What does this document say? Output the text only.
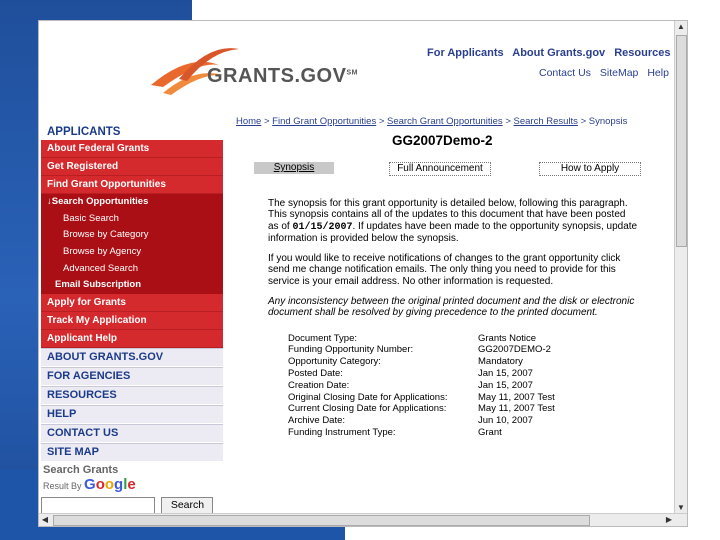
GRANTS.GOV℠
For Applicants About Grants.gov Resources
Contact Us SiteMap Help
APPLICANTS
About Federal Grants
Get Registered
Find Grant Opportunities
↓Search Opportunities
Basic Search
Browse by Category
Browse by Agency
Advanced Search
Email Subscription
Apply for Grants
Track My Application
Applicant Help
ABOUT GRANTS.GOV
FOR AGENCIES
RESOURCES
HELP
CONTACT US
SITE MAP
Search Grants
Result By Google
Search
Home > Find Grant Opportunities > Search Grant Opportunities > Search Results > Synopsis
GG2007Demo-2
Synopsis	Full Announcement	How to Apply

The synopsis for this grant opportunity is detailed below, following this paragraph. This synopsis contains all of the updates to this document that have been posted as of 01/15/2007. If updates have been made to the opportunity synopsis, update information is provided below the synopsis.

If you would like to receive notifications of changes to the grant opportunity click send me change notification emails. The only thing you need to provide for this service is your email address. No other information is requested.

Any inconsistency between the original printed document and the disk or electronic document shall be resolved by giving precedence to the printed document.

Document Type:	Grants Notice
Funding Opportunity Number:	GG2007DEMO-2
Opportunity Category:	Mandatory
Posted Date:	Jan 15, 2007
Creation Date:	Jan 15, 2007
Original Closing Date for Applications:	May 11, 2007 Test
Current Closing Date for Applications:	May 11, 2007 Test
Archive Date:	Jun 10, 2007
Funding Instrument Type:	Grant
▲
▼
◀	▶
